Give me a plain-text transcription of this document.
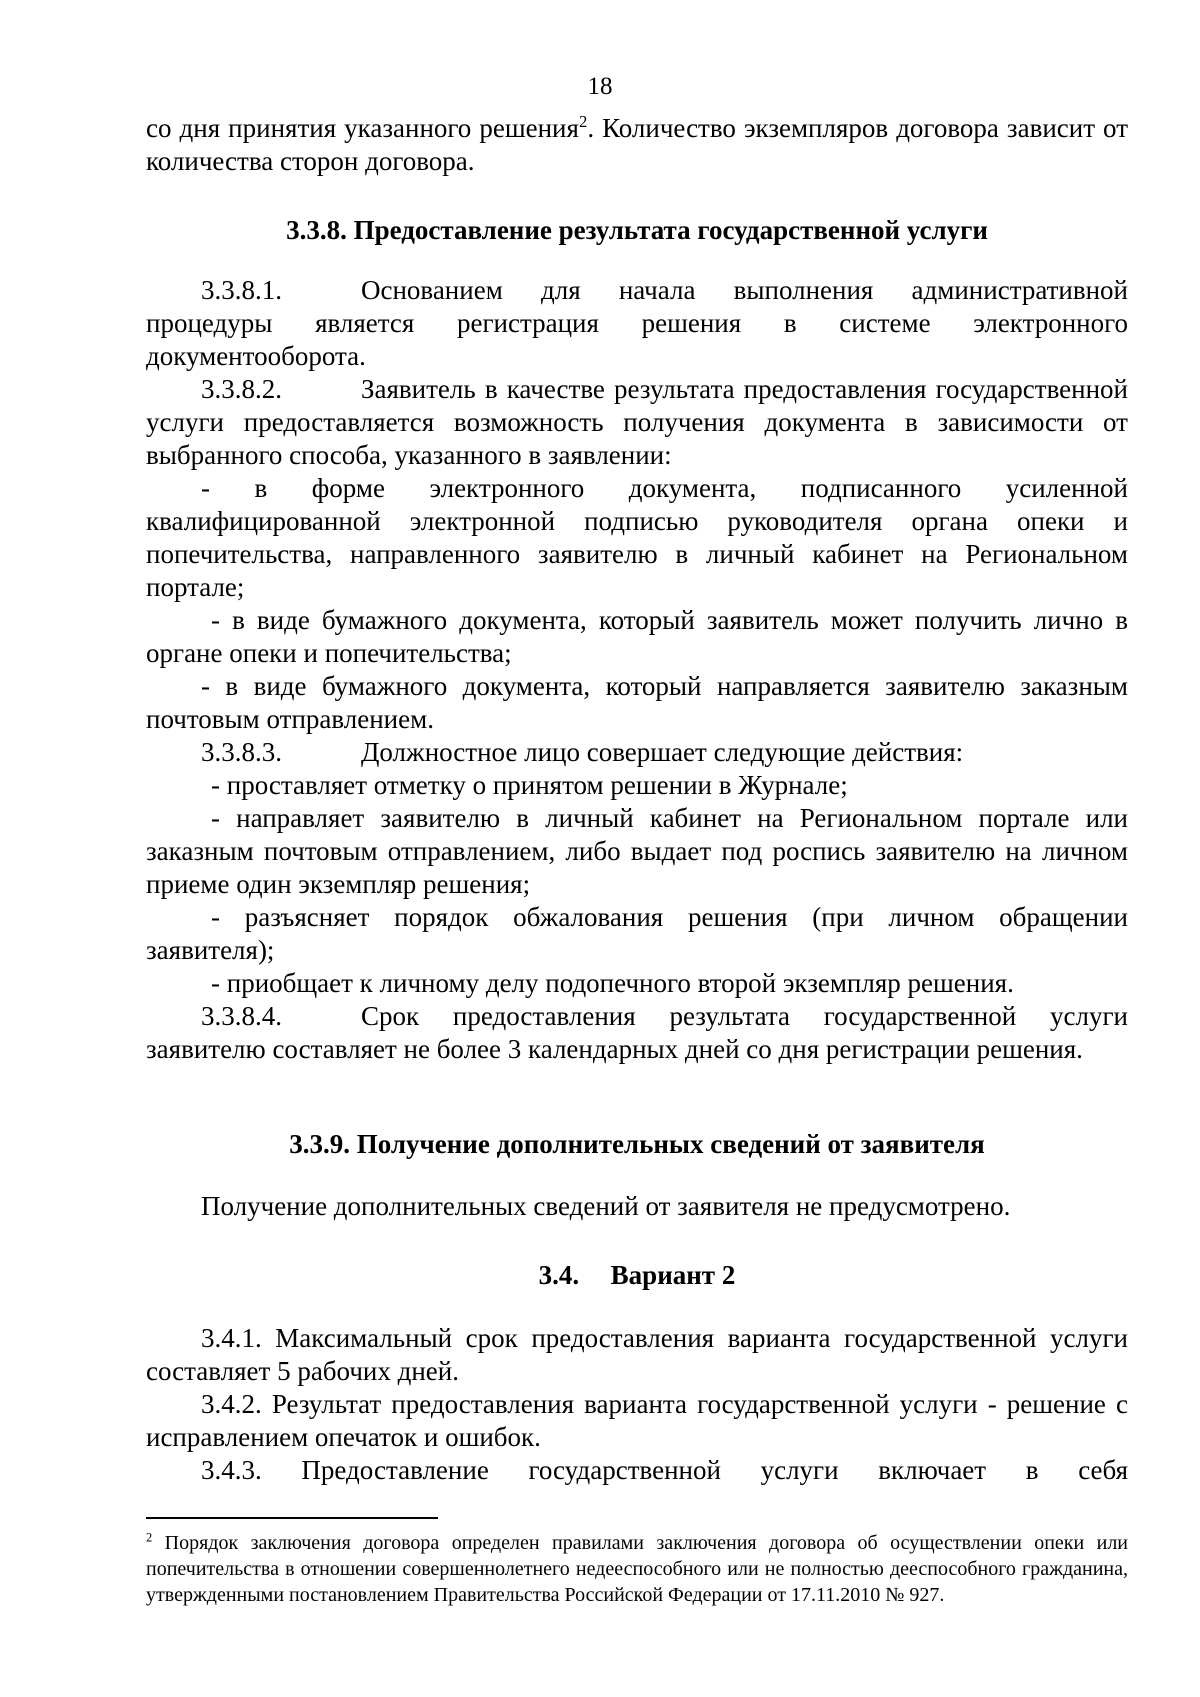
18

со дня принятия указанного решения$^2$. Количество экземпляров договора зависит от количества сторон договора.

3.3.8. Предоставление результата государственной услуги

3.3.8.1.	Основанием для начала выполнения административной процедуры является регистрация решения в системе электронного документооборота.

3.3.8.2.	Заявитель в качестве результата предоставления государственной услуги предоставляется возможность получения документа в зависимости от выбранного способа, указанного в заявлении:

- в форме электронного документа, подписанного усиленной квалифицированной электронной подписью руководителя органа опеки и попечительства, направленного заявителю в личный кабинет на Региональном портале;

- в виде бумажного документа, который заявитель может получить лично в органе опеки и попечительства;

- в виде бумажного документа, который направляется заявителю заказным почтовым отправлением.

3.3.8.3.	Должностное лицо совершает следующие действия:

- проставляет отметку о принятом решении в Журнале;

- направляет заявителю в личный кабинет на Региональном портале или заказным почтовым отправлением, либо выдает под роспись заявителю на личном приеме один экземпляр решения;

- разъясняет порядок обжалования решения (при личном обращении заявителя);

- приобщает к личному делу подопечного второй экземпляр решения.

3.3.8.4.	Срок предоставления результата государственной услуги заявителю составляет не более 3 календарных дней со дня регистрации решения.

3.3.9. Получение дополнительных сведений от заявителя

Получение дополнительных сведений от заявителя не предусмотрено.

3.4. Вариант 2

3.4.1. Максимальный срок предоставления варианта государственной услуги составляет 5 рабочих дней.

3.4.2. Результат предоставления варианта государственной услуги - решение с исправлением опечаток и ошибок.

3.4.3. Предоставление государственной услуги включает в себя

$^2$ Порядок заключения договора определен правилами заключения договора об осуществлении опеки или попечительства в отношении совершеннолетнего недееспособного или не полностью дееспособного гражданина, утвержденными постановлением Правительства Российской Федерации от 17.11.2010 № 927.
